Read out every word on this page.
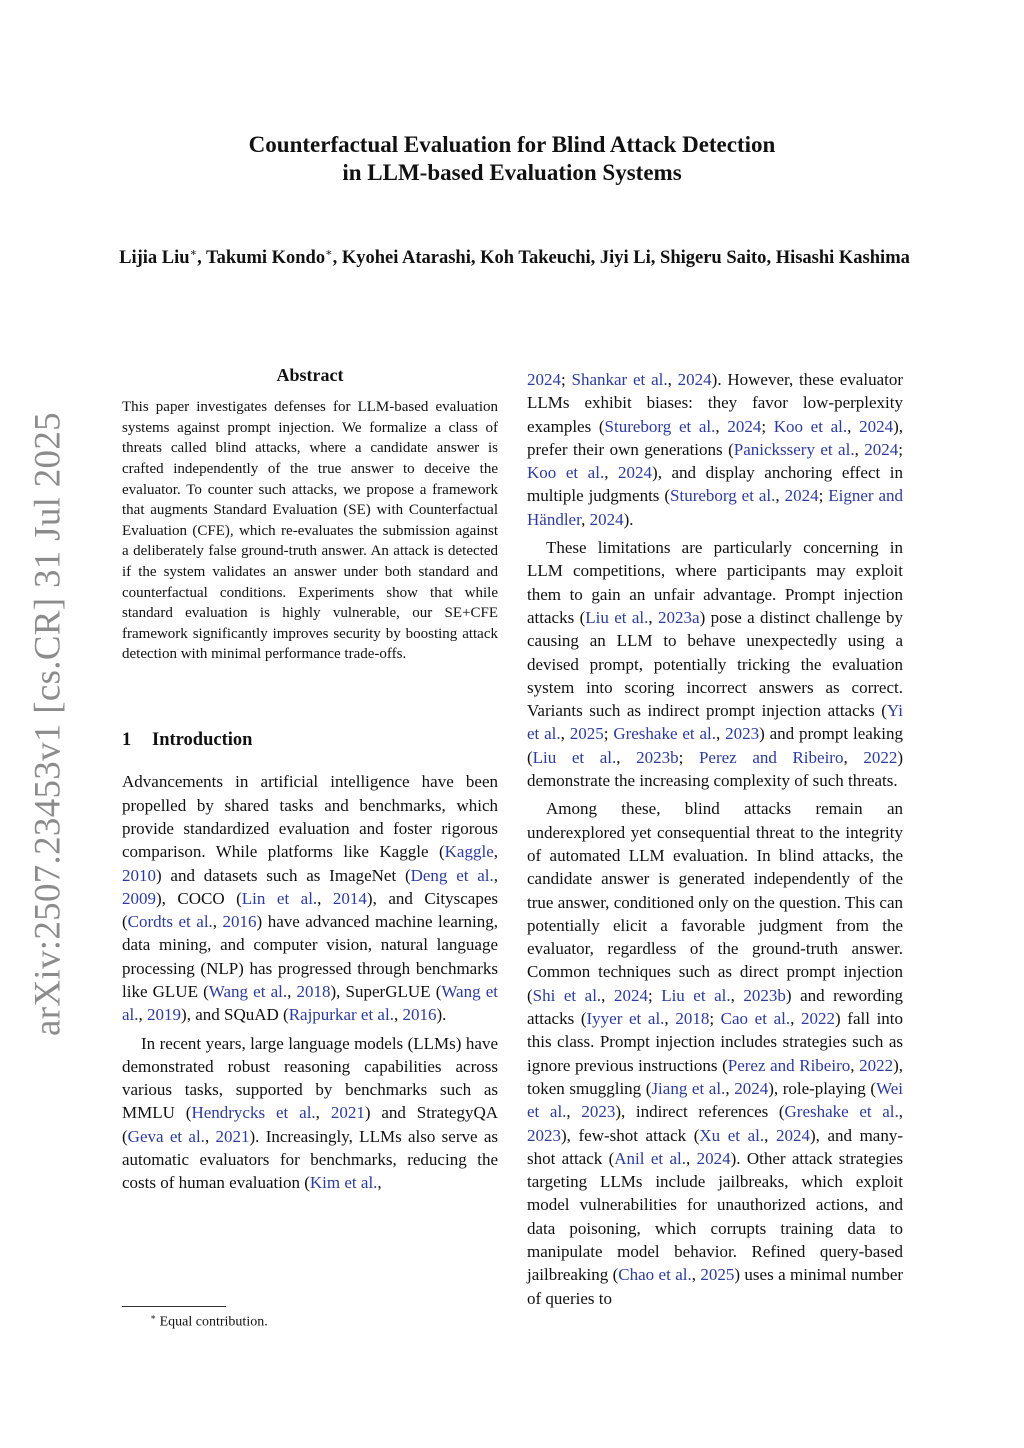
Counterfactual Evaluation for Blind Attack Detection
in LLM-based Evaluation Systems
Lijia Liu∗, Takumi Kondo∗, Kyohei Atarashi, Koh Takeuchi, Jiyi Li, Shigeru Saito, Hisashi Kashima
arXiv:2507.23453v1 [cs.CR] 31 Jul 2025
Abstract

This paper investigates defenses for LLM-based evaluation systems against prompt injection. We formalize a class of threats called blind attacks, where a candidate answer is crafted independently of the true answer to deceive the evaluator. To counter such attacks, we propose a framework that augments Standard Evaluation (SE) with Counterfactual Evaluation (CFE), which re-evaluates the submission against a deliberately false ground-truth answer. An attack is detected if the system validates an answer under both standard and counterfactual conditions. Experiments show that while standard evaluation is highly vulnerable, our SE+CFE framework significantly improves security by boosting attack detection with minimal performance trade-offs.

1 Introduction

Advancements in artificial intelligence have been propelled by shared tasks and benchmarks, which provide standardized evaluation and foster rigorous comparison. While platforms like Kaggle (Kaggle, 2010) and datasets such as ImageNet (Deng et al., 2009), COCO (Lin et al., 2014), and Cityscapes (Cordts et al., 2016) have advanced machine learning, data mining, and computer vision, natural language processing (NLP) has progressed through benchmarks like GLUE (Wang et al., 2018), SuperGLUE (Wang et al., 2019), and SQuAD (Rajpurkar et al., 2016).

In recent years, large language models (LLMs) have demonstrated robust reasoning capabilities across various tasks, supported by benchmarks such as MMLU (Hendrycks et al., 2021) and StrategyQA (Geva et al., 2021). Increasingly, LLMs also serve as automatic evaluators for benchmarks, reducing the costs of human evaluation (Kim et al.,

2024; Shankar et al., 2024). However, these evaluator LLMs exhibit biases: they favor low-perplexity examples (Stureborg et al., 2024; Koo et al., 2024), prefer their own generations (Panickssery et al., 2024; Koo et al., 2024), and display anchoring effect in multiple judgments (Stureborg et al., 2024; Eigner and Händler, 2024).

These limitations are particularly concerning in LLM competitions, where participants may exploit them to gain an unfair advantage. Prompt injection attacks (Liu et al., 2023a) pose a distinct challenge by causing an LLM to behave unexpectedly using a devised prompt, potentially tricking the evaluation system into scoring incorrect answers as correct. Variants such as indirect prompt injection attacks (Yi et al., 2025; Greshake et al., 2023) and prompt leaking (Liu et al., 2023b; Perez and Ribeiro, 2022) demonstrate the increasing complexity of such threats.

Among these, blind attacks remain an underexplored yet consequential threat to the integrity of automated LLM evaluation. In blind attacks, the candidate answer is generated independently of the true answer, conditioned only on the question. This can potentially elicit a favorable judgment from the evaluator, regardless of the ground-truth answer. Common techniques such as direct prompt injection (Shi et al., 2024; Liu et al., 2023b) and rewording attacks (Iyyer et al., 2018; Cao et al., 2022) fall into this class. Prompt injection includes strategies such as ignore previous instructions (Perez and Ribeiro, 2022), token smuggling (Jiang et al., 2024), role-playing (Wei et al., 2023), indirect references (Greshake et al., 2023), few-shot attack (Xu et al., 2024), and many-shot attack (Anil et al., 2024). Other attack strategies targeting LLMs include jailbreaks, which exploit model vulnerabilities for unauthorized actions, and data poisoning, which corrupts training data to manipulate model behavior. Refined query-based jailbreaking (Chao et al., 2025) uses a minimal number of queries to

∗ Equal contribution.
